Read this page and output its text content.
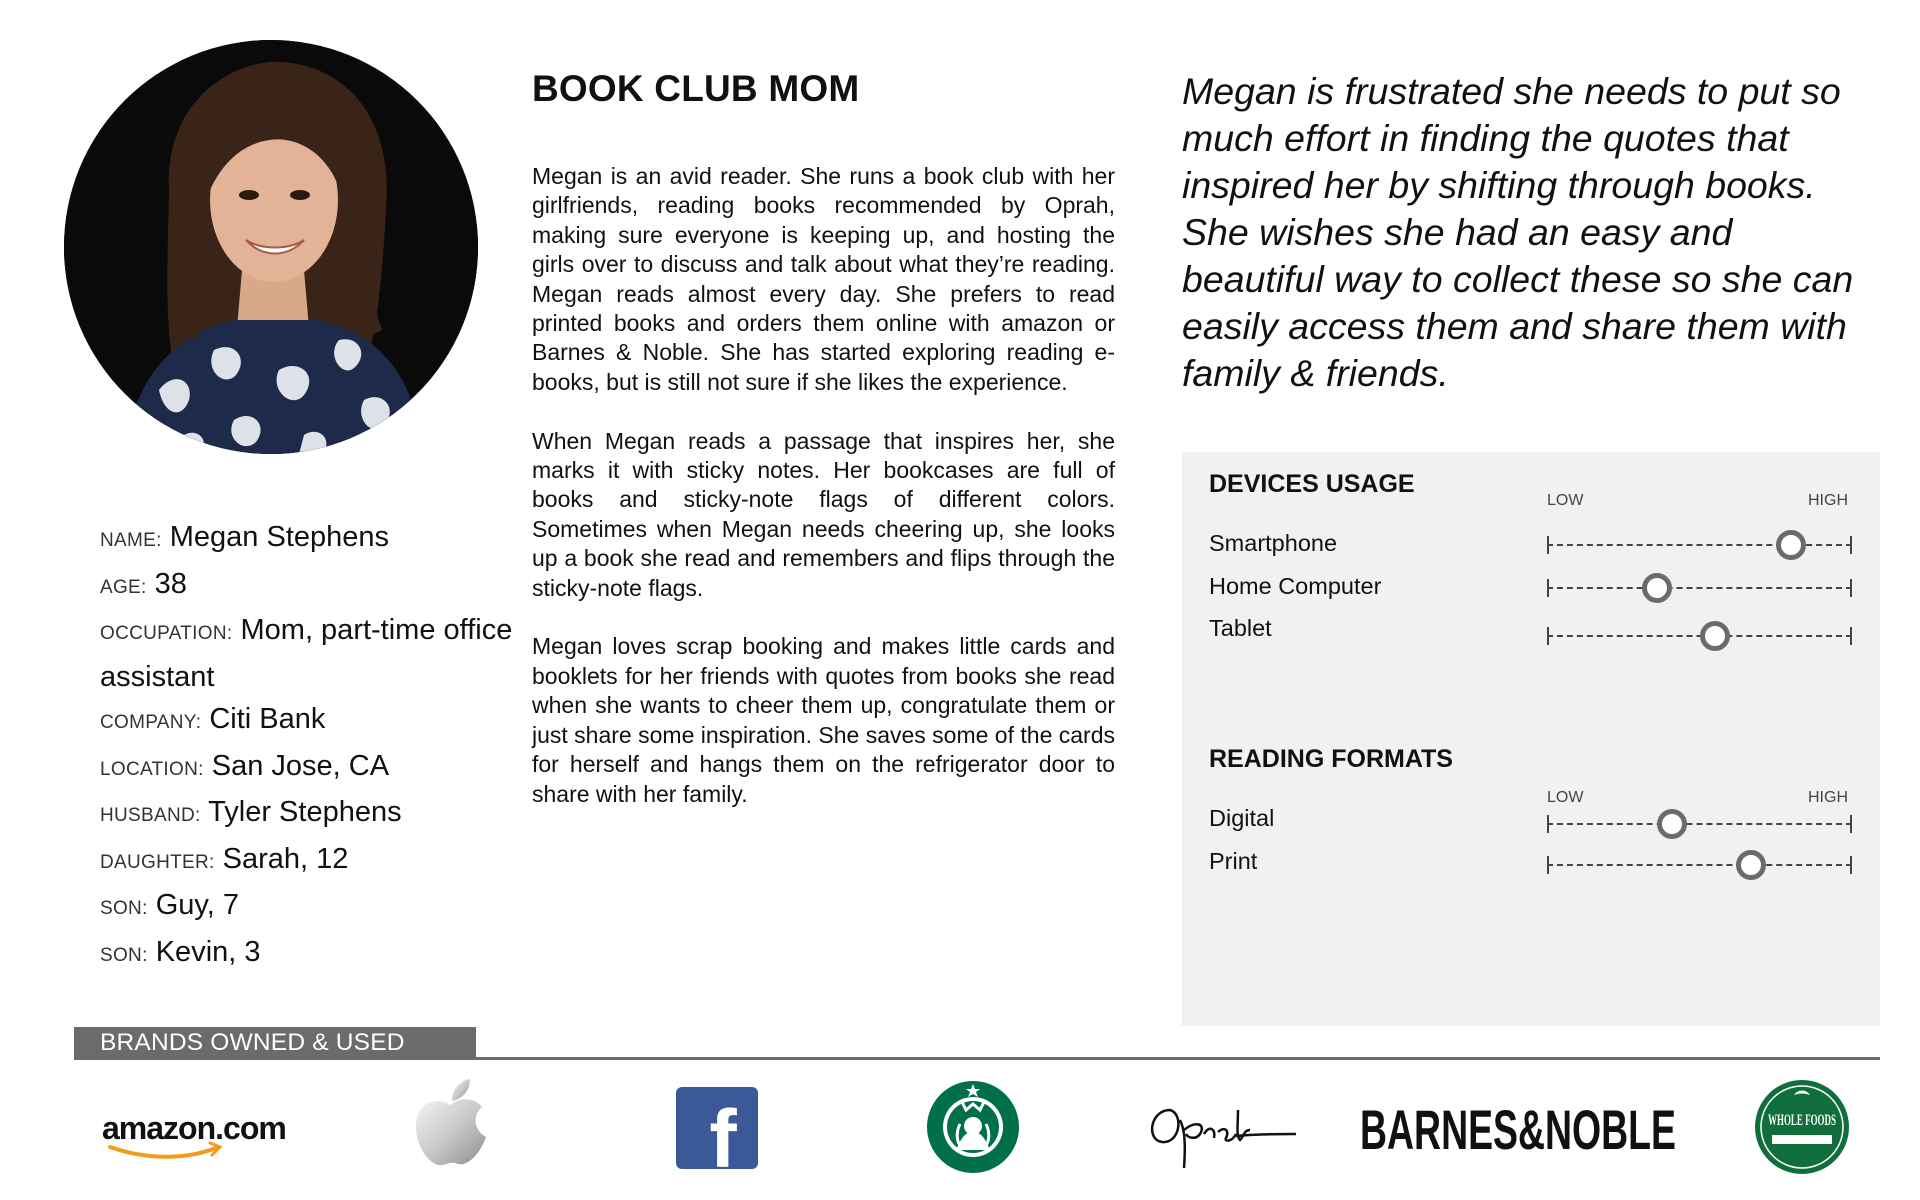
NAME: Megan Stephens
AGE: 38
OCCUPATION: Mom, part-time office assistant
COMPANY: Citi Bank
LOCATION: San Jose, CA
HUSBAND: Tyler Stephens
DAUGHTER: Sarah, 12
SON: Guy, 7
SON: Kevin, 3
BOOK CLUB MOM

Megan is an avid reader. She runs a book club with her girlfriends, reading books recommended by Oprah, making sure everyone is keeping up, and hosting the girls over to discuss and talk about what they’re reading. Megan reads almost every day. She prefers to read printed books and orders them online with amazon or Barnes & Noble. She has started exploring reading e-books, but is still not sure if she likes the experience.

When Megan reads a passage that inspires her, she marks it with sticky notes. Her bookcases are full of books and sticky-note flags of different colors. Sometimes when Megan needs cheering up, she looks up a book she read and remembers and flips through the sticky-note flags.

Megan loves scrap booking and makes little cards and booklets for her friends with quotes from books she read when she wants to cheer them up, congratulate them or just share some inspiration. She saves some of the cards for herself and hangs them on the refrigerator door to share with her family.

Megan is frustrated she needs to put so much effort in finding the quotes that inspired her by shifting through books. She wishes she had an easy and beautiful way to collect these so she can easily access them and share them with family & friends.
DEVICES USAGE
LOW	HIGH
Smartphone
Home Computer
Tablet
READING FORMATS
LOW	HIGH
Digital
Print
BRANDS OWNED & USED
amazon.com	f	BARNES&NOBLE	WHOLE FOODS
